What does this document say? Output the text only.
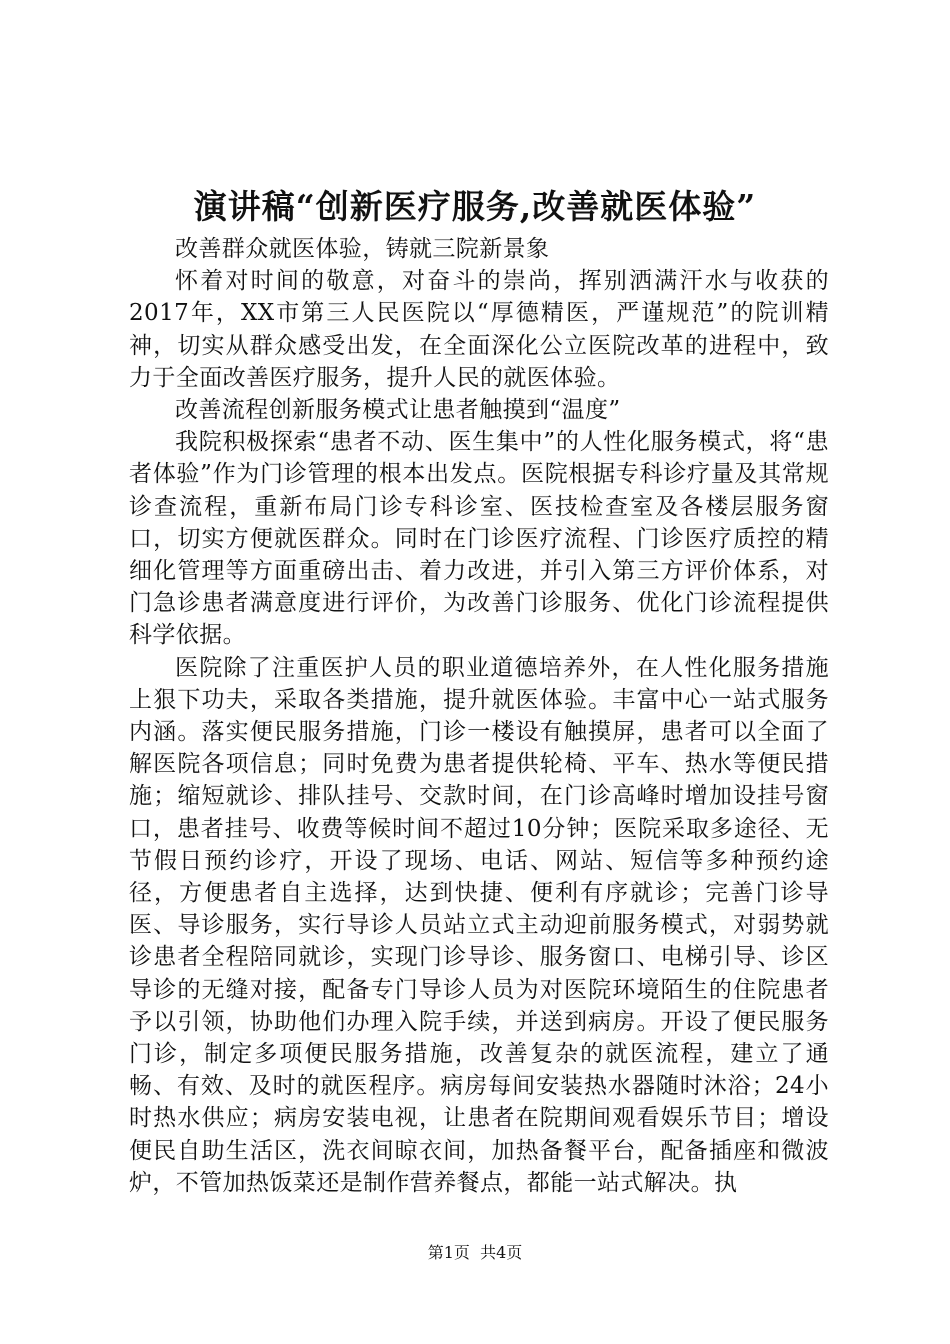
演讲稿“创新医疗服务,改善就医体验”

改善群众就医体验，铸就三院新景象

怀着对时间的敬意，对奋斗的崇尚，挥别洒满汗水与收获的2017年，XX市第三人民医院以“厚德精医，严谨规范”的院训精神，切实从群众感受出发，在全面深化公立医院改革的进程中，致力于全面改善医疗服务，提升人民的就医体验。

改善流程创新服务模式让患者触摸到“温度”

我院积极探索“患者不动、医生集中”的人性化服务模式，将“患者体验”作为门诊管理的根本出发点。医院根据专科诊疗量及其常规诊查流程，重新布局门诊专科诊室、医技检查室及各楼层服务窗口，切实方便就医群众。同时在门诊医疗流程、门诊医疗质控的精细化管理等方面重磅出击、着力改进，并引入第三方评价体系，对门急诊患者满意度进行评价，为改善门诊服务、优化门诊流程提供科学依据。

医院除了注重医护人员的职业道德培养外，在人性化服务措施上狠下功夫，采取各类措施，提升就医体验。丰富中心一站式服务内涵。落实便民服务措施，门诊一楼设有触摸屏，患者可以全面了解医院各项信息；同时免费为患者提供轮椅、平车、热水等便民措施；缩短就诊、排队挂号、交款时间，在门诊高峰时增加设挂号窗口，患者挂号、收费等候时间不超过10分钟；医院采取多途径、无节假日预约诊疗，开设了现场、电话、网站、短信等多种预约途径，方便患者自主选择，达到快捷、便利有序就诊；完善门诊导医、导诊服务，实行导诊人员站立式主动迎前服务模式，对弱势就诊患者全程陪同就诊，实现门诊导诊、服务窗口、电梯引导、诊区导诊的无缝对接，配备专门导诊人员为对医院环境陌生的住院患者予以引领，协助他们办理入院手续，并送到病房。开设了便民服务门诊，制定多项便民服务措施，改善复杂的就医流程，建立了通畅、有效、及时的就医程序。病房每间安装热水器随时沐浴；24小时热水供应；病房安装电视，让患者在院期间观看娱乐节目；增设便民自助生活区，洗衣间晾衣间，加热备餐平台，配备插座和微波炉，不管加热饭菜还是制作营养餐点，都能一站式解决。执

第1页 共4页
